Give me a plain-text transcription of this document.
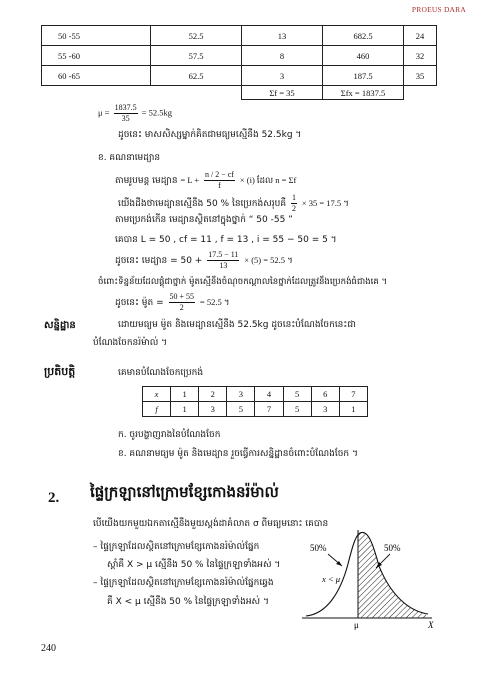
PROEUS DARA
50 -55	52.5	13	682.5	24
55 -60	57.5	8	460	32
60 -65	62.5	3	187.5	35
		Σf = 35	Σfx = 1837.5	
$\mu = \frac{1837.5}{35} = 52.5kg$
ដូចនេះ មាសសិស្សម្នាក់គិតជាមធ្យមស្មើនឹង 52.5kg ។
ខ. គណនាមេដ្យាន
តាមរូបមន្ត មេដ្យាន = $L + \frac{n / 2 - cf}{f} \times (i)$ ដែល n = Σf
យើងដឹងថាមេដ្យានស្មើនឹង 50 % នៃប្រេកង់សរុបគឺ $\frac{1}{2} \times 35 = 17.5$ ។
តាមប្រេកង់កើន មេដ្យានស្ថិតនៅក្នុងថ្នាក់ “ 50 -55 ”
គេបាន L = 50 , cf = 11 , f = 13 , i = 55 − 50 = 5 ។
ដូចនេះ មេដ្យាន = $50 + \frac{17.5 - 11}{13} \times (5) = 52.5$ ។
ចំពោះទិន្នន័យដែលផ្គុំជាថ្នាក់ ម៉ូតស្មើនឹងចំណុចកណ្តាលនៃថ្នាក់ដែលត្រូវនឹងប្រេកង់ធំជាងគេ ។
ដូចនេះ ម៉ូត = $\frac{50 + 55}{2} = 52.5$ ។
សន្និដ្ឋាន	ដោយមធ្យម ម៉ូត និងមេដ្យានស្មើនឹង 52.5kg ដូចនេះបំណែងចែកនេះជា
បំណែងចែកនរ៉ម៉ាល់ ។
ប្រតិបត្តិ	គេមានបំណែងចែកប្រេកង់
x	1	2	3	4	5	6	7
f	1	3	5	7	5	3	1
ក. ចូរបង្ហាញរាងនៃបំណែងចែក
ខ. គណនាមធ្យម ម៉ូត និងមេដ្យាន រួចធ្វើការសន្និដ្ឋានចំពោះបំណែងចែក ។
2. ផ្ទៃក្រឡានៅក្រោមខ្សែកោងនរ៉ម៉ាល់
បើយើងយកមួយឯកតាស្មើនឹងមួយស្តង់ដាគំលាត σ ពីមធ្យមនោះ គេបាន
– ផ្ទៃក្រឡាដែលស្ថិតនៅក្រោមខ្សែកោងនរ៉ម៉ាល់ផ្នែក
ស្តាំគឺ X > μ ស្មើនឹង 50 % នៃផ្ទៃក្រឡាទាំងអស់ ។
– ផ្ទៃក្រឡាដែលស្ថិតនៅក្រោមខ្សែកោងនរ៉ម៉ាល់ផ្នែកឆ្វេង
គឺ X < μ ស្មើនឹង 50 % នៃផ្ទៃក្រឡាទាំងអស់ ។
50%	50%
x < μ
μ	X
240
